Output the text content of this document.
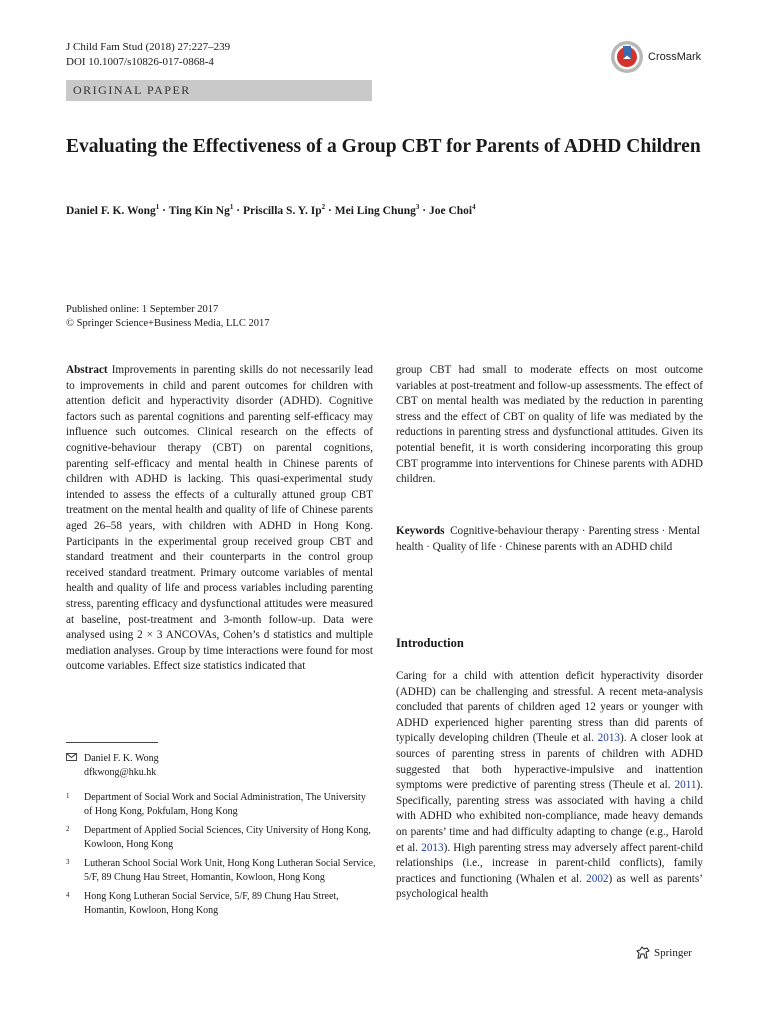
J Child Fam Stud (2018) 27:227–239
DOI 10.1007/s10826-017-0868-4	CrossMark
ORIGINAL PAPER
Evaluating the Effectiveness of a Group CBT for Parents of ADHD Children
Daniel F. K. Wong$^1$ · Ting Kin $Ng^1$ · Priscilla S. Y. $Ip^2$ · Mei Ling Chung$^3$ · Joe Choi$^4$
Published online: 1 September 2017
© Springer Science+Business Media, LLC 2017

Abstract Improvements in parenting skills do not necessarily lead to improvements in child and parent outcomes for children with attention deficit and hyperactivity disorder (ADHD). Cognitive factors such as parental cognitions and parenting self-efficacy may influence such outcomes. Clinical research on the effects of cognitive-behaviour therapy (CBT) on parental cognitions, parenting self-efficacy and mental health in Chinese parents of children with ADHD is lacking. This quasi-experimental study intended to assess the effects of a culturally attuned group CBT treatment on the mental health and quality of life of Chinese parents aged 26–58 years, with children with ADHD in Hong Kong. Participants in the experimental group received group CBT and standard treatment and their counterparts in the control group received standard treatment. Primary outcome variables of mental health and quality of life and process variables including parenting stress, parenting efficacy and dysfunctional attitudes were measured at baseline, post-treatment and 3-month follow-up. Data were analysed using 2 × 3 ANCOVAs, Cohen’s d statistics and multiple mediation analyses. Group by time interactions were found for most outcome variables. Effect size statistics indicated that

group CBT had small to moderate effects on most outcome variables at post-treatment and follow-up assessments. The effect of CBT on mental health was mediated by the reduction in parenting stress and the effect of CBT on quality of life was mediated by the reductions in parenting stress and dysfunctional attitudes. Given its potential benefit, it is worth considering incorporating this group CBT programme into interventions for Chinese parents with ADHD children.

Keywords Cognitive-behaviour therapy · Parenting stress · Mental health · Quality of life · Chinese parents with an ADHD child
Introduction

Caring for a child with attention deficit hyperactivity disorder (ADHD) can be challenging and stressful. A recent meta-analysis concluded that parents of children aged 12 years or younger with ADHD experienced higher parenting stress than did parents of typically developing children (Theule et al. 2013). A closer look at sources of parenting stress in parents of children with ADHD suggested that both hyperactive-impulsive and inattention symptoms were predictive of parenting stress (Theule et al. 2011). Specifically, parenting stress was associated with having a child with ADHD who exhibited non-compliance, made heavy demands on parents’ time and had difficulty adapting to change (e.g., Harold et al. 2013). High parenting stress may adversely affect parent-child relationships (i.e., increase in parent-child conflicts), family practices and functioning (Whalen et al. 2002) as well as parents’ psychological health

Daniel F. K. Wong
dfkwong@hku.hk
1	Department of Social Work and Social Administration, The University of Hong Kong, Pokfulam, Hong Kong
2	Department of Applied Social Sciences, City University of Hong Kong, Kowloon, Hong Kong
3	Lutheran School Social Work Unit, Hong Kong Lutheran Social Service, 5/F, 89 Chung Hau Street, Homantin, Kowloon, Hong Kong
4	Hong Kong Lutheran Social Service, 5/F, 89 Chung Hau Street, Homantin, Kowloon, Hong Kong
Springer
